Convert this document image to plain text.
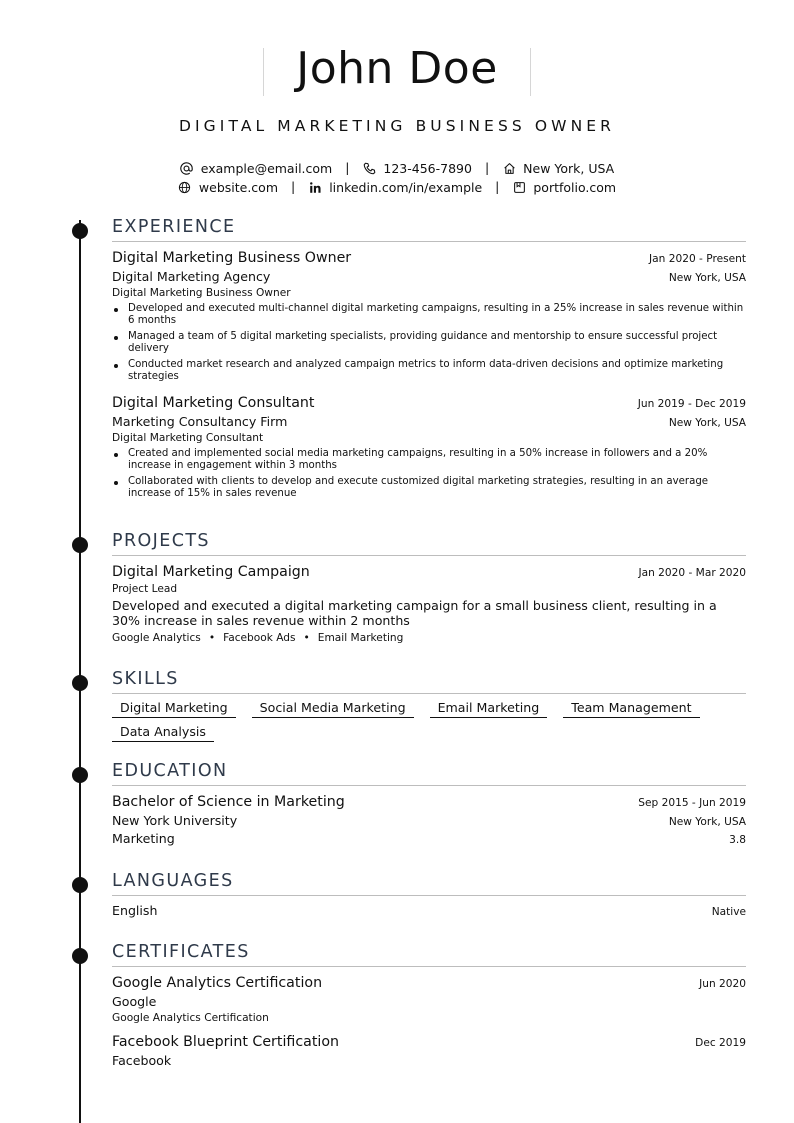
John Doe
DIGITAL MARKETING BUSINESS OWNER
example@email.com |	123-456-7890 |	New York, USA
website.com |	linkedin.com/in/example |	portfolio.com
EXPERIENCE
Digital Marketing Business Owner	Jan 2020 - Present
Digital Marketing Agency	New York, USA
Digital Marketing Business Owner
Developed and executed multi-channel digital marketing campaigns, resulting in a 25% increase in sales revenue within 6 months
Managed a team of 5 digital marketing specialists, providing guidance and mentorship to ensure successful project delivery
Conducted market research and analyzed campaign metrics to inform data-driven decisions and optimize marketing strategies
Digital Marketing Consultant	Jun 2019 - Dec 2019
Marketing Consultancy Firm	New York, USA
Digital Marketing Consultant
Created and implemented social media marketing campaigns, resulting in a 50% increase in followers and a 20% increase in engagement within 3 months
Collaborated with clients to develop and execute customized digital marketing strategies, resulting in an average increase of 15% in sales revenue
PROJECTS
Digital Marketing Campaign	Jan 2020 - Mar 2020
Project Lead
Developed and executed a digital marketing campaign for a small business client, resulting in a 30% increase in sales revenue within 2 months
Google Analytics • Facebook Ads • Email Marketing
SKILLS
Digital Marketing	Social Media Marketing	Email Marketing	Team Management
Data Analysis
EDUCATION
Bachelor of Science in Marketing	Sep 2015 - Jun 2019
New York University	New York, USA
Marketing	3.8
LANGUAGES
English	Native
CERTIFICATES
Google Analytics Certification	Jun 2020
Google
Google Analytics Certification
Facebook Blueprint Certification	Dec 2019
Facebook
